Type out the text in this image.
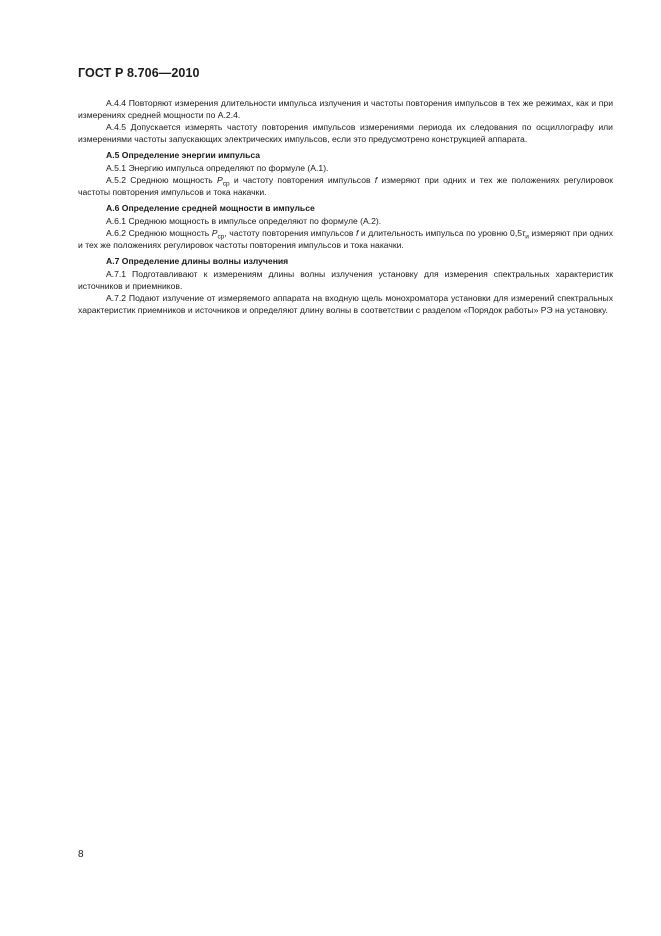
ГОСТ Р 8.706—2010

А.4.4 Повторяют измерения длительности импульса излучения и частоты повторения импульсов в тех же режимах, как и при измерениях средней мощности по А.2.4.

А.4.5 Допускается измерять частоту повторения импульсов измерениями периода их следования по осциллографу или измерениями частоты запускающих электрических импульсов, если это предусмотрено конструкцией аппарата.

А.5 Определение энергии импульса

А.5.1 Энергию импульса определяют по формуле (А.1).

А.5.2 Среднюю мощность $P_{ср}$ и частоту повторения импульсов f измеряют при одних и тех же положениях регулировок частоты повторения импульсов и тока накачки.

А.6 Определение средней мощности в импульсе

А.6.1 Среднюю мощность в импульсе определяют по формуле (А.2).

А.6.2 Среднюю мощность $P_{ср}$, частоту повторения импульсов f и длительность импульса по уровню $0,5\tau_и$ измеряют при одних и тех же положениях регулировок частоты повторения импульсов и тока накачки.

А.7 Определение длины волны излучения

А.7.1 Подготавливают к измерениям длины волны излучения установку для измерения спектральных характеристик источников и приемников.

А.7.2 Подают излучение от измеряемого аппарата на входную щель монохроматора установки для измерений спектральных характеристик приемников и источников и определяют длину волны в соответствии с разделом «Порядок работы» РЭ на установку.

8
